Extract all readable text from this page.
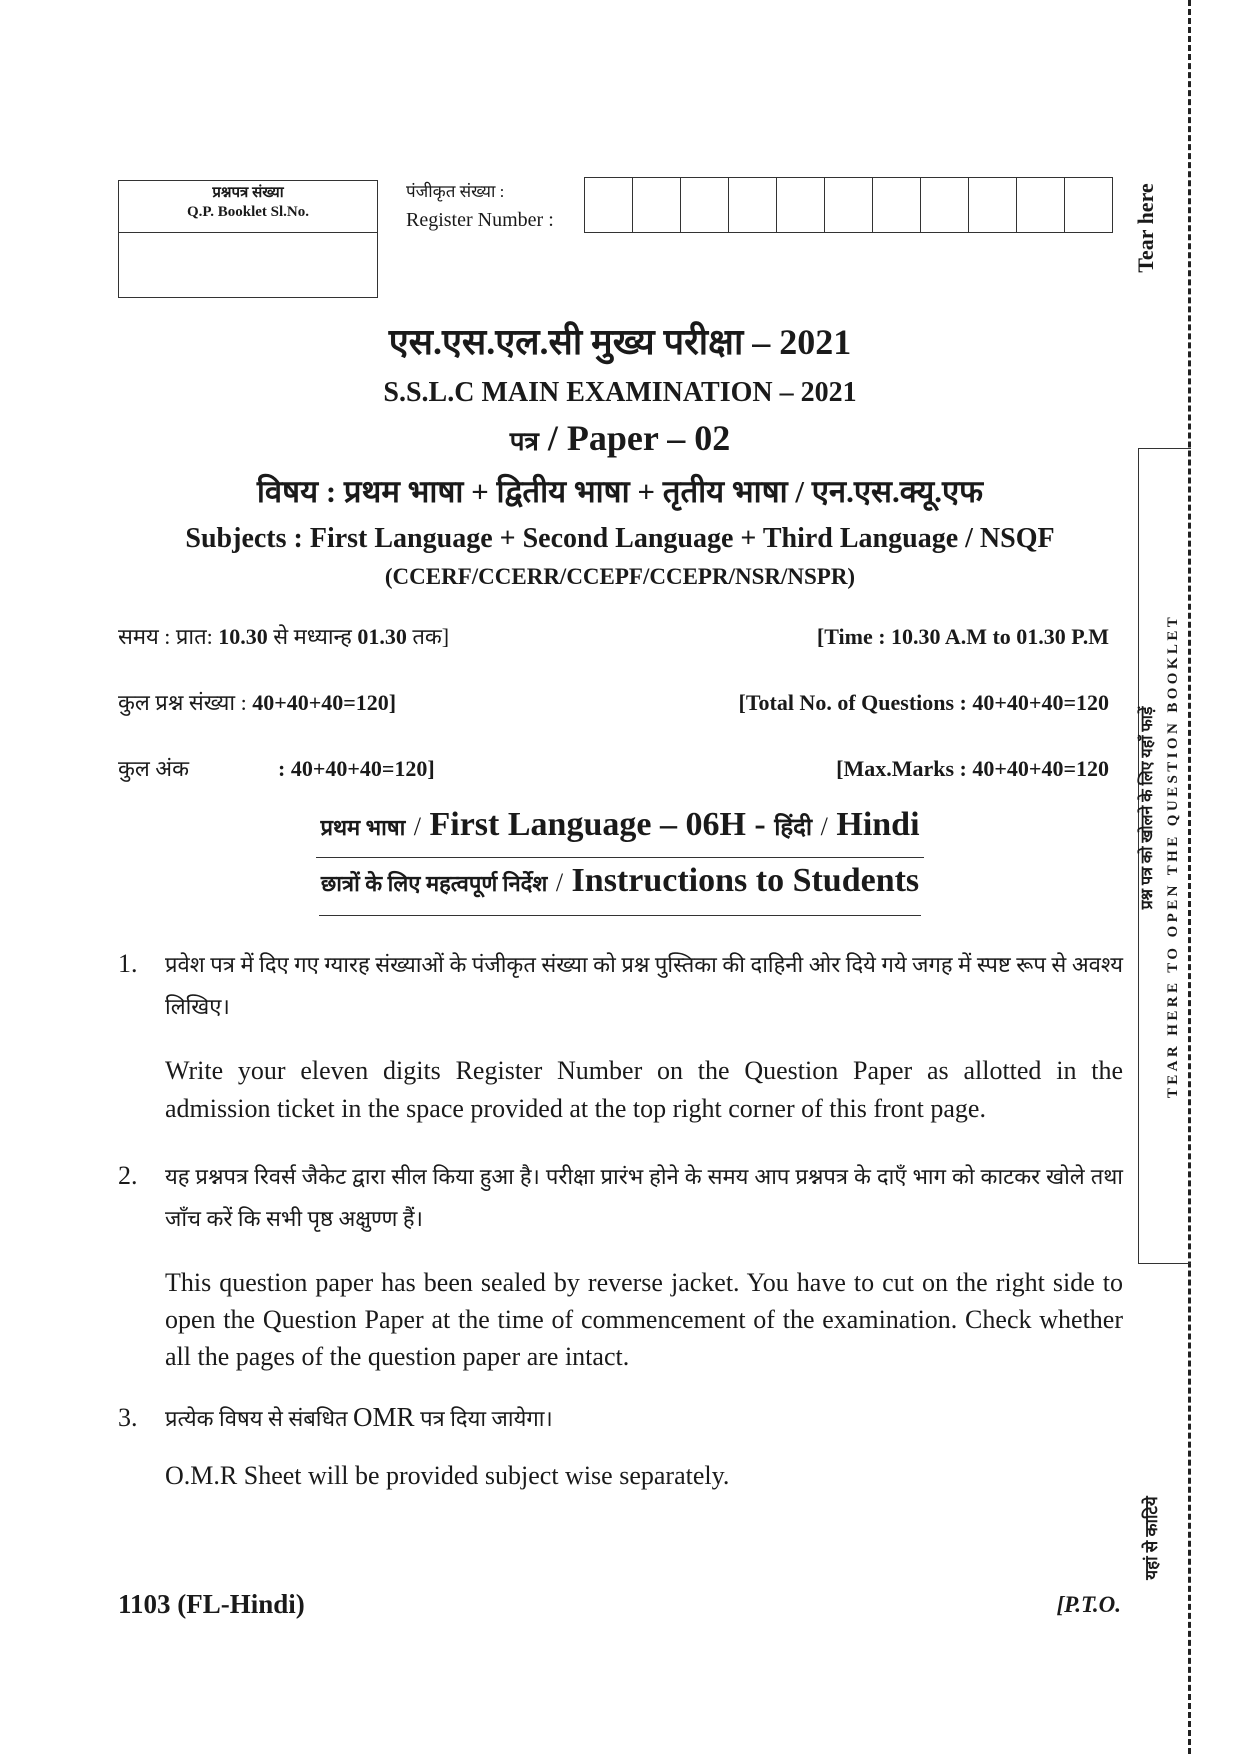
प्रश्नपत्र संख्या
Q.P. Booklet Sl.No.
पंजीकृत संख्या :
Register Number :
एस.एस.एल.सी मुख्य परीक्षा – 2021
S.S.L.C MAIN EXAMINATION – 2021
पत्र / Paper – 02
विषय : प्रथम भाषा + द्वितीय भाषा + तृतीय भाषा / एन.एस.क्यू.एफ
Subjects : First Language + Second Language + Third Language / NSQF
(CCERF/CCERR/CCEPF/CCEPR/NSR/NSPR)
समय : प्रात: 10.30 से मध्यान्ह 01.30 तक]	[Time : 10.30 A.M to 01.30 P.M
कुल प्रश्न संख्या : 40+40+40=120]	[Total No. of Questions : 40+40+40=120
कुल अंक	: 40+40+40=120]	[Max.Marks : 40+40+40=120
प्रथम भाषा / First Language – 06H - हिंदी / Hindi
छात्रों के लिए महत्वपूर्ण निर्देश / Instructions to Students
1. प्रवेश पत्र में दिए गए ग्यारह संख्याओं के पंजीकृत संख्या को प्रश्न पुस्तिका की दाहिनी ओर दिये गये जगह में स्पष्ट रूप से अवश्य लिखिए।
Write your eleven digits Register Number on the Question Paper as allotted in the admission ticket in the space provided at the top right corner of this front page.
2. यह प्रश्नपत्र रिवर्स जैकेट द्वारा सील किया हुआ है। परीक्षा प्रारंभ होने के समय आप प्रश्नपत्र के दाएँ भाग को काटकर खोले तथा जाँच करें कि सभी पृष्ठ अक्षुण्ण हैं।
This question paper has been sealed by reverse jacket. You have to cut on the right side to open the Question Paper at the time of commencement of the examination. Check whether all the pages of the question paper are intact.
3. प्रत्येक विषय से संबधित OMR पत्र दिया जायेगा।
O.M.R Sheet will be provided subject wise separately.
1103 (FL-Hindi)	[P.T.O.
Tear here
प्रश्न पत्र को खोलने के लिए यहाँ फाड़ें TEAR HERE TO OPEN THE QUESTION BOOKLET
यहां से काटिये
